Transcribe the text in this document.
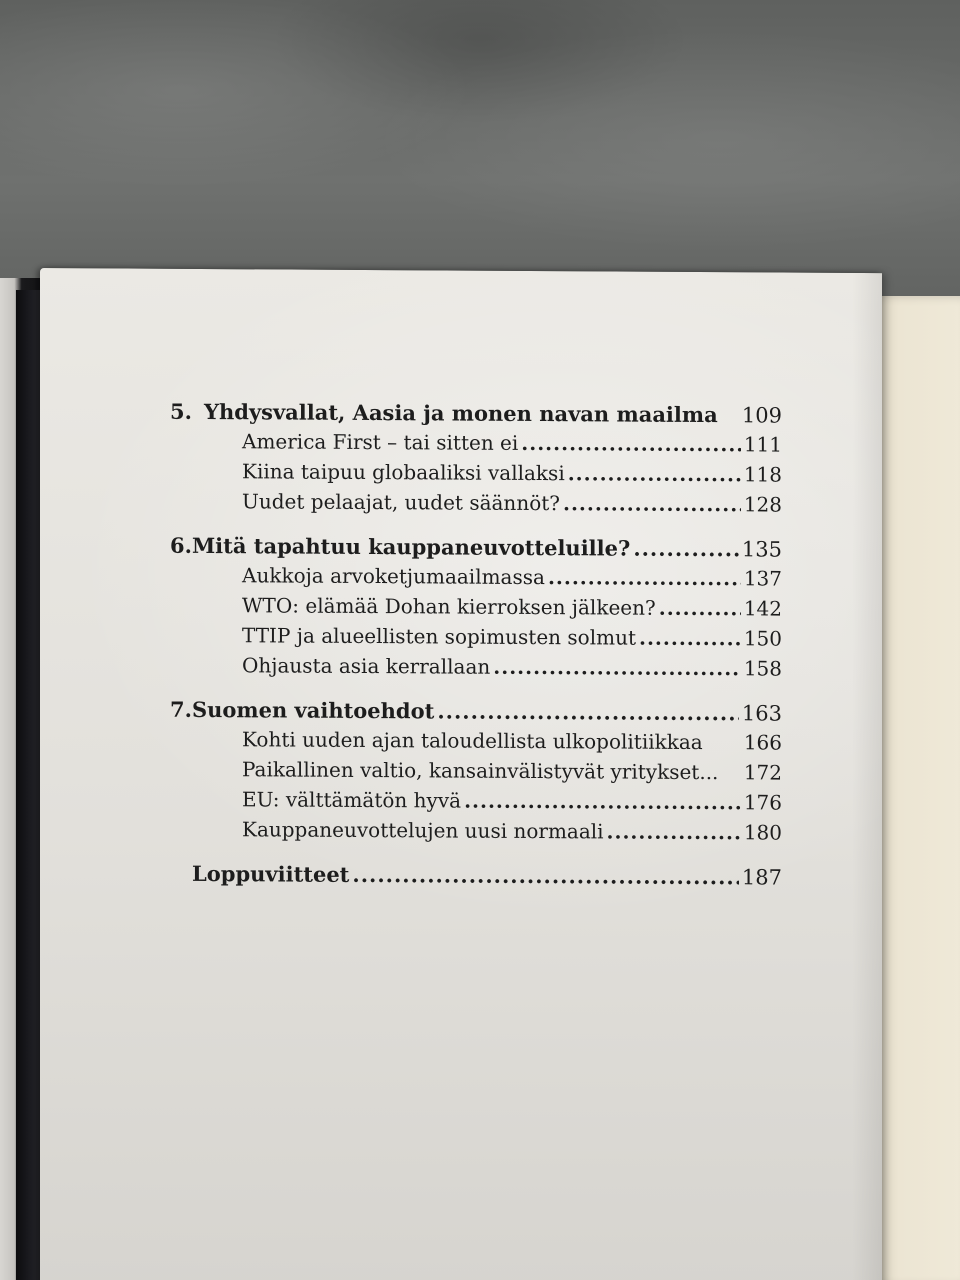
5. Yhdysvallat, Aasia ja monen navan maailma 109
America First – tai sitten ei .....	111
Kiina taipuu globaaliksi vallaksi .....	118
Uudet pelaajat, uudet säännöt? .....	128
6. Mitä tapahtuu kauppaneuvotteluille? .....	135
Aukkoja arvoketjumaailmassa .....	137
WTO: elämää Dohan kierroksen jälkeen? .....	142
TTIP ja alueellisten sopimusten solmut .....	150
Ohjausta asia kerrallaan .....	158
7. Suomen vaihtoehdot .....	163
Kohti uuden ajan taloudellista ulkopolitiikkaa 166
Paikallinen valtio, kansainvälistyvät yritykset... 172
EU: välttämätön hyvä .....	176
Kauppaneuvottelujen uusi normaali .....	180
Loppuviitteet .....	187
